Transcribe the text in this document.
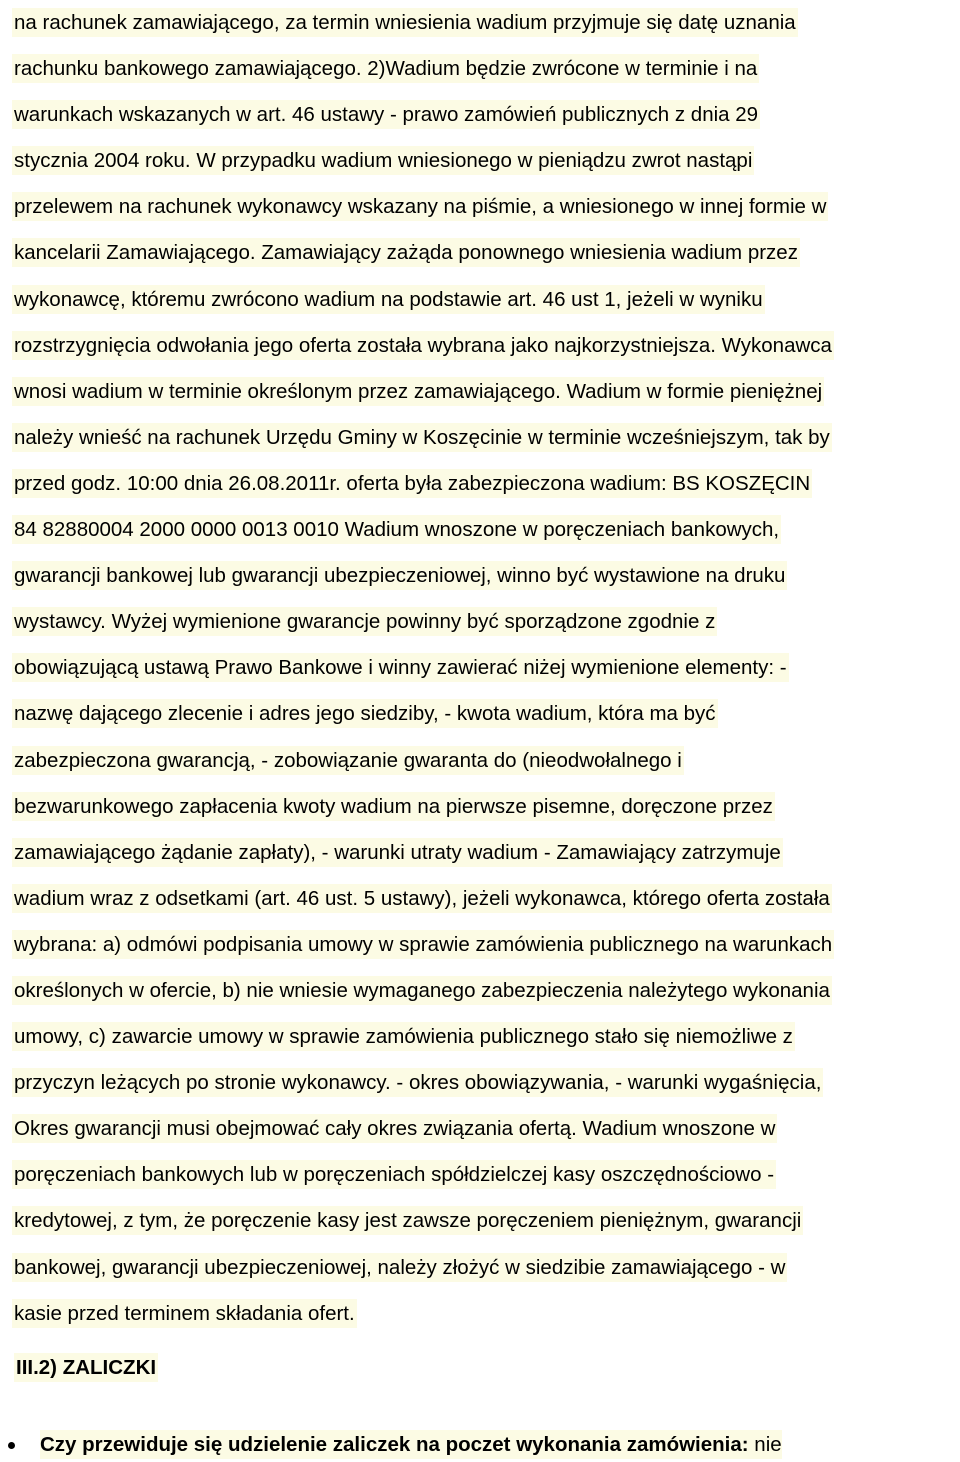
na rachunek zamawiającego, za termin wniesienia wadium przyjmuje się datę uznania
rachunku bankowego zamawiającego. 2)Wadium będzie zwrócone w terminie i na
warunkach wskazanych w art. 46 ustawy - prawo zamówień publicznych z dnia 29
stycznia 2004 roku. W przypadku wadium wniesionego w pieniądzu zwrot nastąpi
przelewem na rachunek wykonawcy wskazany na piśmie, a wniesionego w innej formie w
kancelarii Zamawiającego. Zamawiający zażąda ponownego wniesienia wadium przez
wykonawcę, któremu zwrócono wadium na podstawie art. 46 ust 1, jeżeli w wyniku
rozstrzygnięcia odwołania jego oferta została wybrana jako najkorzystniejsza. Wykonawca
wnosi wadium w terminie określonym przez zamawiającego. Wadium w formie pieniężnej
należy wnieść na rachunek Urzędu Gminy w Koszęcinie w terminie wcześniejszym, tak by
przed godz. 10:00 dnia 26.08.2011r. oferta była zabezpieczona wadium: BS KOSZĘCIN
84 82880004 2000 0000 0013 0010 Wadium wnoszone w poręczeniach bankowych,
gwarancji bankowej lub gwarancji ubezpieczeniowej, winno być wystawione na druku
wystawcy. Wyżej wymienione gwarancje powinny być sporządzone zgodnie z
obowiązującą ustawą Prawo Bankowe i winny zawierać niżej wymienione elementy: -
nazwę dającego zlecenie i adres jego siedziby, - kwota wadium, która ma być
zabezpieczona gwarancją, - zobowiązanie gwaranta do (nieodwołalnego i
bezwarunkowego zapłacenia kwoty wadium na pierwsze pisemne, doręczone przez
zamawiającego żądanie zapłaty), - warunki utraty wadium - Zamawiający zatrzymuje
wadium wraz z odsetkami (art. 46 ust. 5 ustawy), jeżeli wykonawca, którego oferta została
wybrana: a) odmówi podpisania umowy w sprawie zamówienia publicznego na warunkach
określonych w ofercie, b) nie wniesie wymaganego zabezpieczenia należytego wykonania
umowy, c) zawarcie umowy w sprawie zamówienia publicznego stało się niemożliwe z
przyczyn leżących po stronie wykonawcy. - okres obowiązywania, - warunki wygaśnięcia,
Okres gwarancji musi obejmować cały okres związania ofertą. Wadium wnoszone w
poręczeniach bankowych lub w poręczeniach spółdzielczej kasy oszczędnościowo -
kredytowej, z tym, że poręczenie kasy jest zawsze poręczeniem pieniężnym, gwarancji
bankowej, gwarancji ubezpieczeniowej, należy złożyć w siedzibie zamawiającego - w
kasie przed terminem składania ofert.
III.2) ZALICZKI
Czy przewiduje się udzielenie zaliczek na poczet wykonania zamówienia: nie
